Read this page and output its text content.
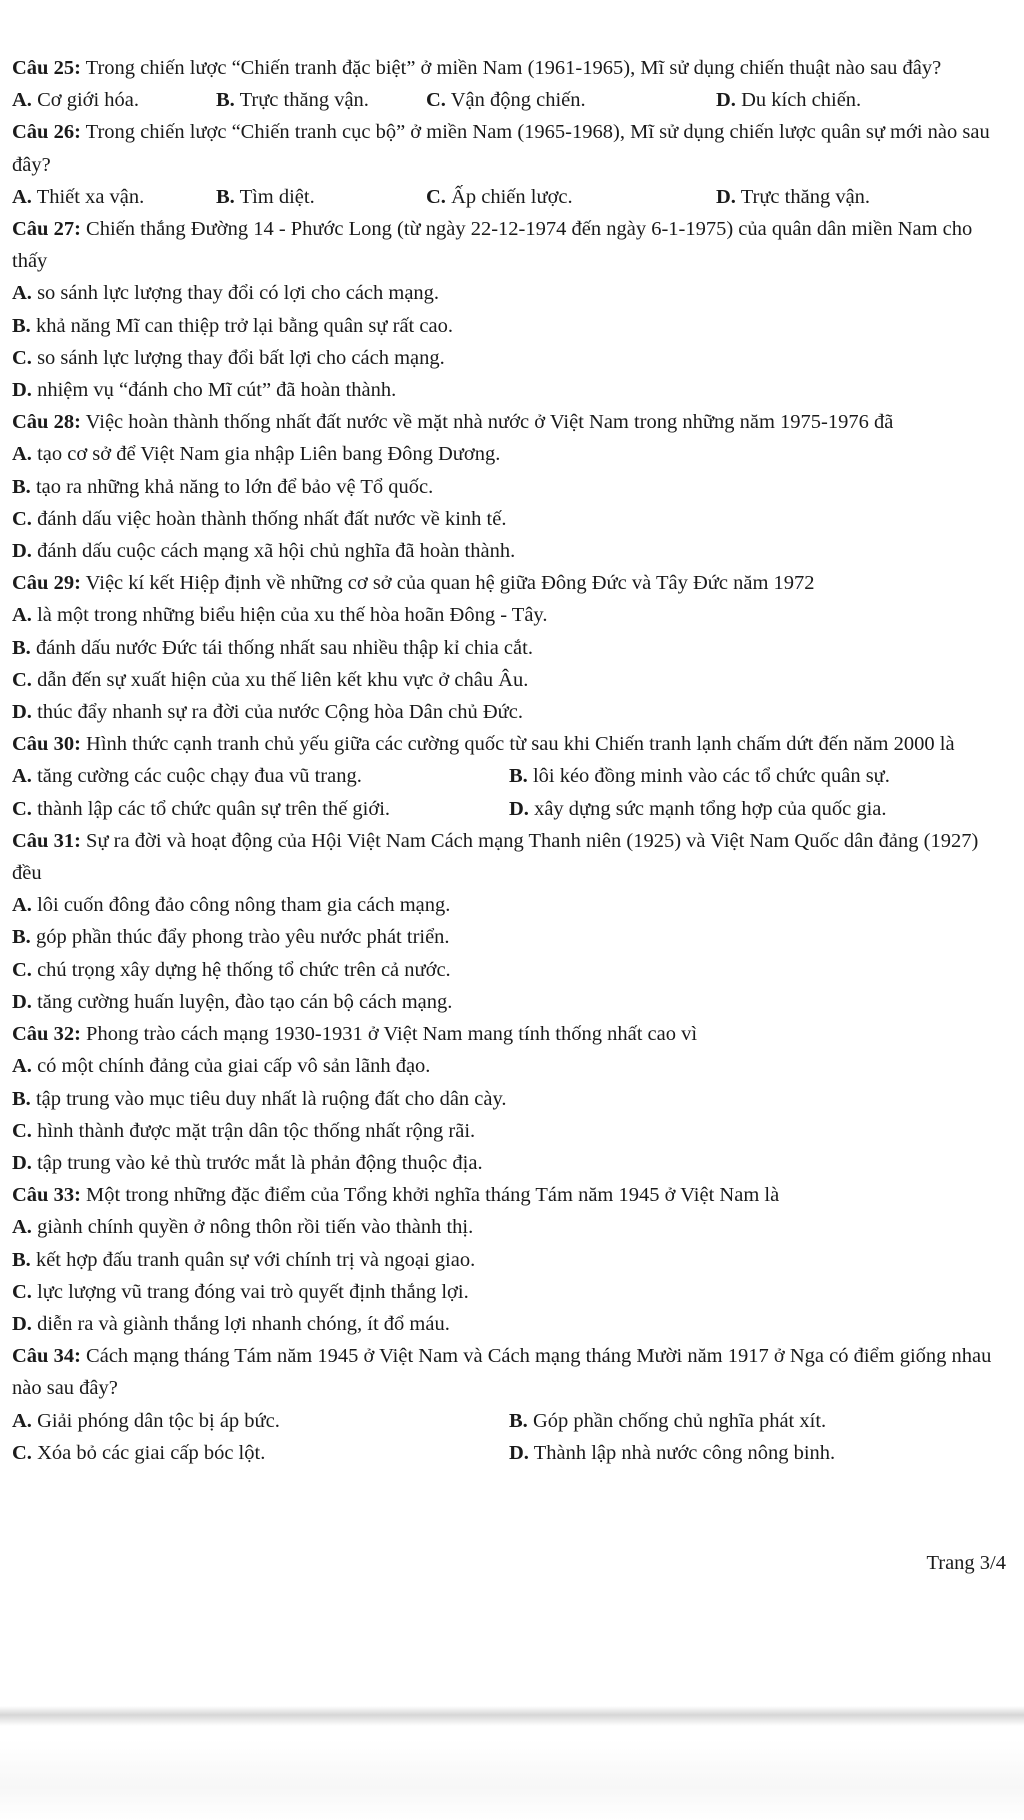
Câu 25: Trong chiến lược “Chiến tranh đặc biệt” ở miền Nam (1961-1965), Mĩ sử dụng chiến thuật nào sau đây?
A. Cơ giới hóa.	B. Trực thăng vận.	C. Vận động chiến.	D. Du kích chiến.
Câu 26: Trong chiến lược “Chiến tranh cục bộ” ở miền Nam (1965-1968), Mĩ sử dụng chiến lược quân sự mới nào sau đây?
A. Thiết xa vận.	B. Tìm diệt.	C. Ấp chiến lược.	D. Trực thăng vận.
Câu 27: Chiến thắng Đường 14 - Phước Long (từ ngày 22-12-1974 đến ngày 6-1-1975) của quân dân miền Nam cho thấy
A. so sánh lực lượng thay đổi có lợi cho cách mạng.
B. khả năng Mĩ can thiệp trở lại bằng quân sự rất cao.
C. so sánh lực lượng thay đổi bất lợi cho cách mạng.
D. nhiệm vụ “đánh cho Mĩ cút” đã hoàn thành.
Câu 28: Việc hoàn thành thống nhất đất nước về mặt nhà nước ở Việt Nam trong những năm 1975-1976 đã
A. tạo cơ sở để Việt Nam gia nhập Liên bang Đông Dương.
B. tạo ra những khả năng to lớn để bảo vệ Tổ quốc.
C. đánh dấu việc hoàn thành thống nhất đất nước về kinh tế.
D. đánh dấu cuộc cách mạng xã hội chủ nghĩa đã hoàn thành.
Câu 29: Việc kí kết Hiệp định về những cơ sở của quan hệ giữa Đông Đức và Tây Đức năm 1972
A. là một trong những biểu hiện của xu thế hòa hoãn Đông - Tây.
B. đánh dấu nước Đức tái thống nhất sau nhiều thập kỉ chia cắt.
C. dẫn đến sự xuất hiện của xu thế liên kết khu vực ở châu Âu.
D. thúc đẩy nhanh sự ra đời của nước Cộng hòa Dân chủ Đức.
Câu 30: Hình thức cạnh tranh chủ yếu giữa các cường quốc từ sau khi Chiến tranh lạnh chấm dứt đến năm 2000 là
A. tăng cường các cuộc chạy đua vũ trang.	B. lôi kéo đồng minh vào các tổ chức quân sự.
C. thành lập các tổ chức quân sự trên thế giới.	D. xây dựng sức mạnh tổng hợp của quốc gia.
Câu 31: Sự ra đời và hoạt động của Hội Việt Nam Cách mạng Thanh niên (1925) và Việt Nam Quốc dân đảng (1927) đều
A. lôi cuốn đông đảo công nông tham gia cách mạng.
B. góp phần thúc đẩy phong trào yêu nước phát triển.
C. chú trọng xây dựng hệ thống tổ chức trên cả nước.
D. tăng cường huấn luyện, đào tạo cán bộ cách mạng.
Câu 32: Phong trào cách mạng 1930-1931 ở Việt Nam mang tính thống nhất cao vì
A. có một chính đảng của giai cấp vô sản lãnh đạo.
B. tập trung vào mục tiêu duy nhất là ruộng đất cho dân cày.
C. hình thành được mặt trận dân tộc thống nhất rộng rãi.
D. tập trung vào kẻ thù trước mắt là phản động thuộc địa.
Câu 33: Một trong những đặc điểm của Tổng khởi nghĩa tháng Tám năm 1945 ở Việt Nam là
A. giành chính quyền ở nông thôn rồi tiến vào thành thị.
B. kết hợp đấu tranh quân sự với chính trị và ngoại giao.
C. lực lượng vũ trang đóng vai trò quyết định thắng lợi.
D. diễn ra và giành thắng lợi nhanh chóng, ít đổ máu.
Câu 34: Cách mạng tháng Tám năm 1945 ở Việt Nam và Cách mạng tháng Mười năm 1917 ở Nga có điểm giống nhau nào sau đây?
A. Giải phóng dân tộc bị áp bức.	B. Góp phần chống chủ nghĩa phát xít.
C. Xóa bỏ các giai cấp bóc lột.	D. Thành lập nhà nước công nông binh.
Trang 3/4
